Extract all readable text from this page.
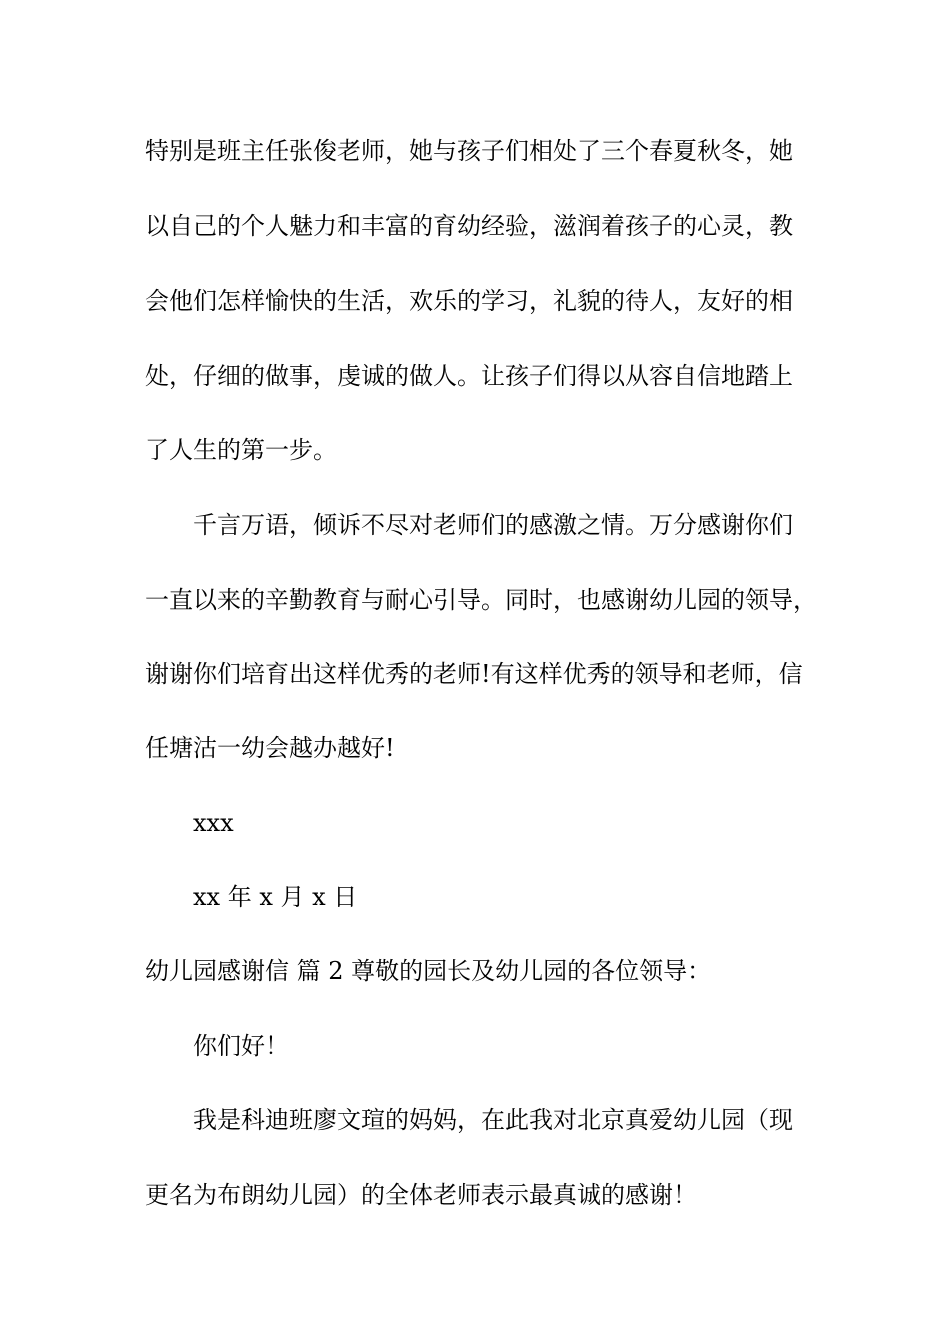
特别是班主任张俊老师，她与孩子们相处了三个春夏秋冬，她
以自己的个人魅力和丰富的育幼经验，滋润着孩子的心灵，教
会他们怎样愉快的生活，欢乐的学习，礼貌的待人，友好的相
处，仔细的做事，虔诚的做人。让孩子们得以从容自信地踏上
了人生的第一步。
千言万语，倾诉不尽对老师们的感激之情。万分感谢你们
一直以来的辛勤教育与耐心引导。同时，也感谢幼儿园的领导，
谢谢你们培育出这样优秀的老师!有这样优秀的领导和老师，信
任塘沽一幼会越办越好!
xxx
xx 年 x 月 x 日
幼儿园感谢信 篇 2 尊敬的园长及幼儿园的各位领导：
你们好！
我是科迪班廖文瑄的妈妈，在此我对北京真爱幼儿园（现
更名为布朗幼儿园）的全体老师表示最真诚的感谢！
